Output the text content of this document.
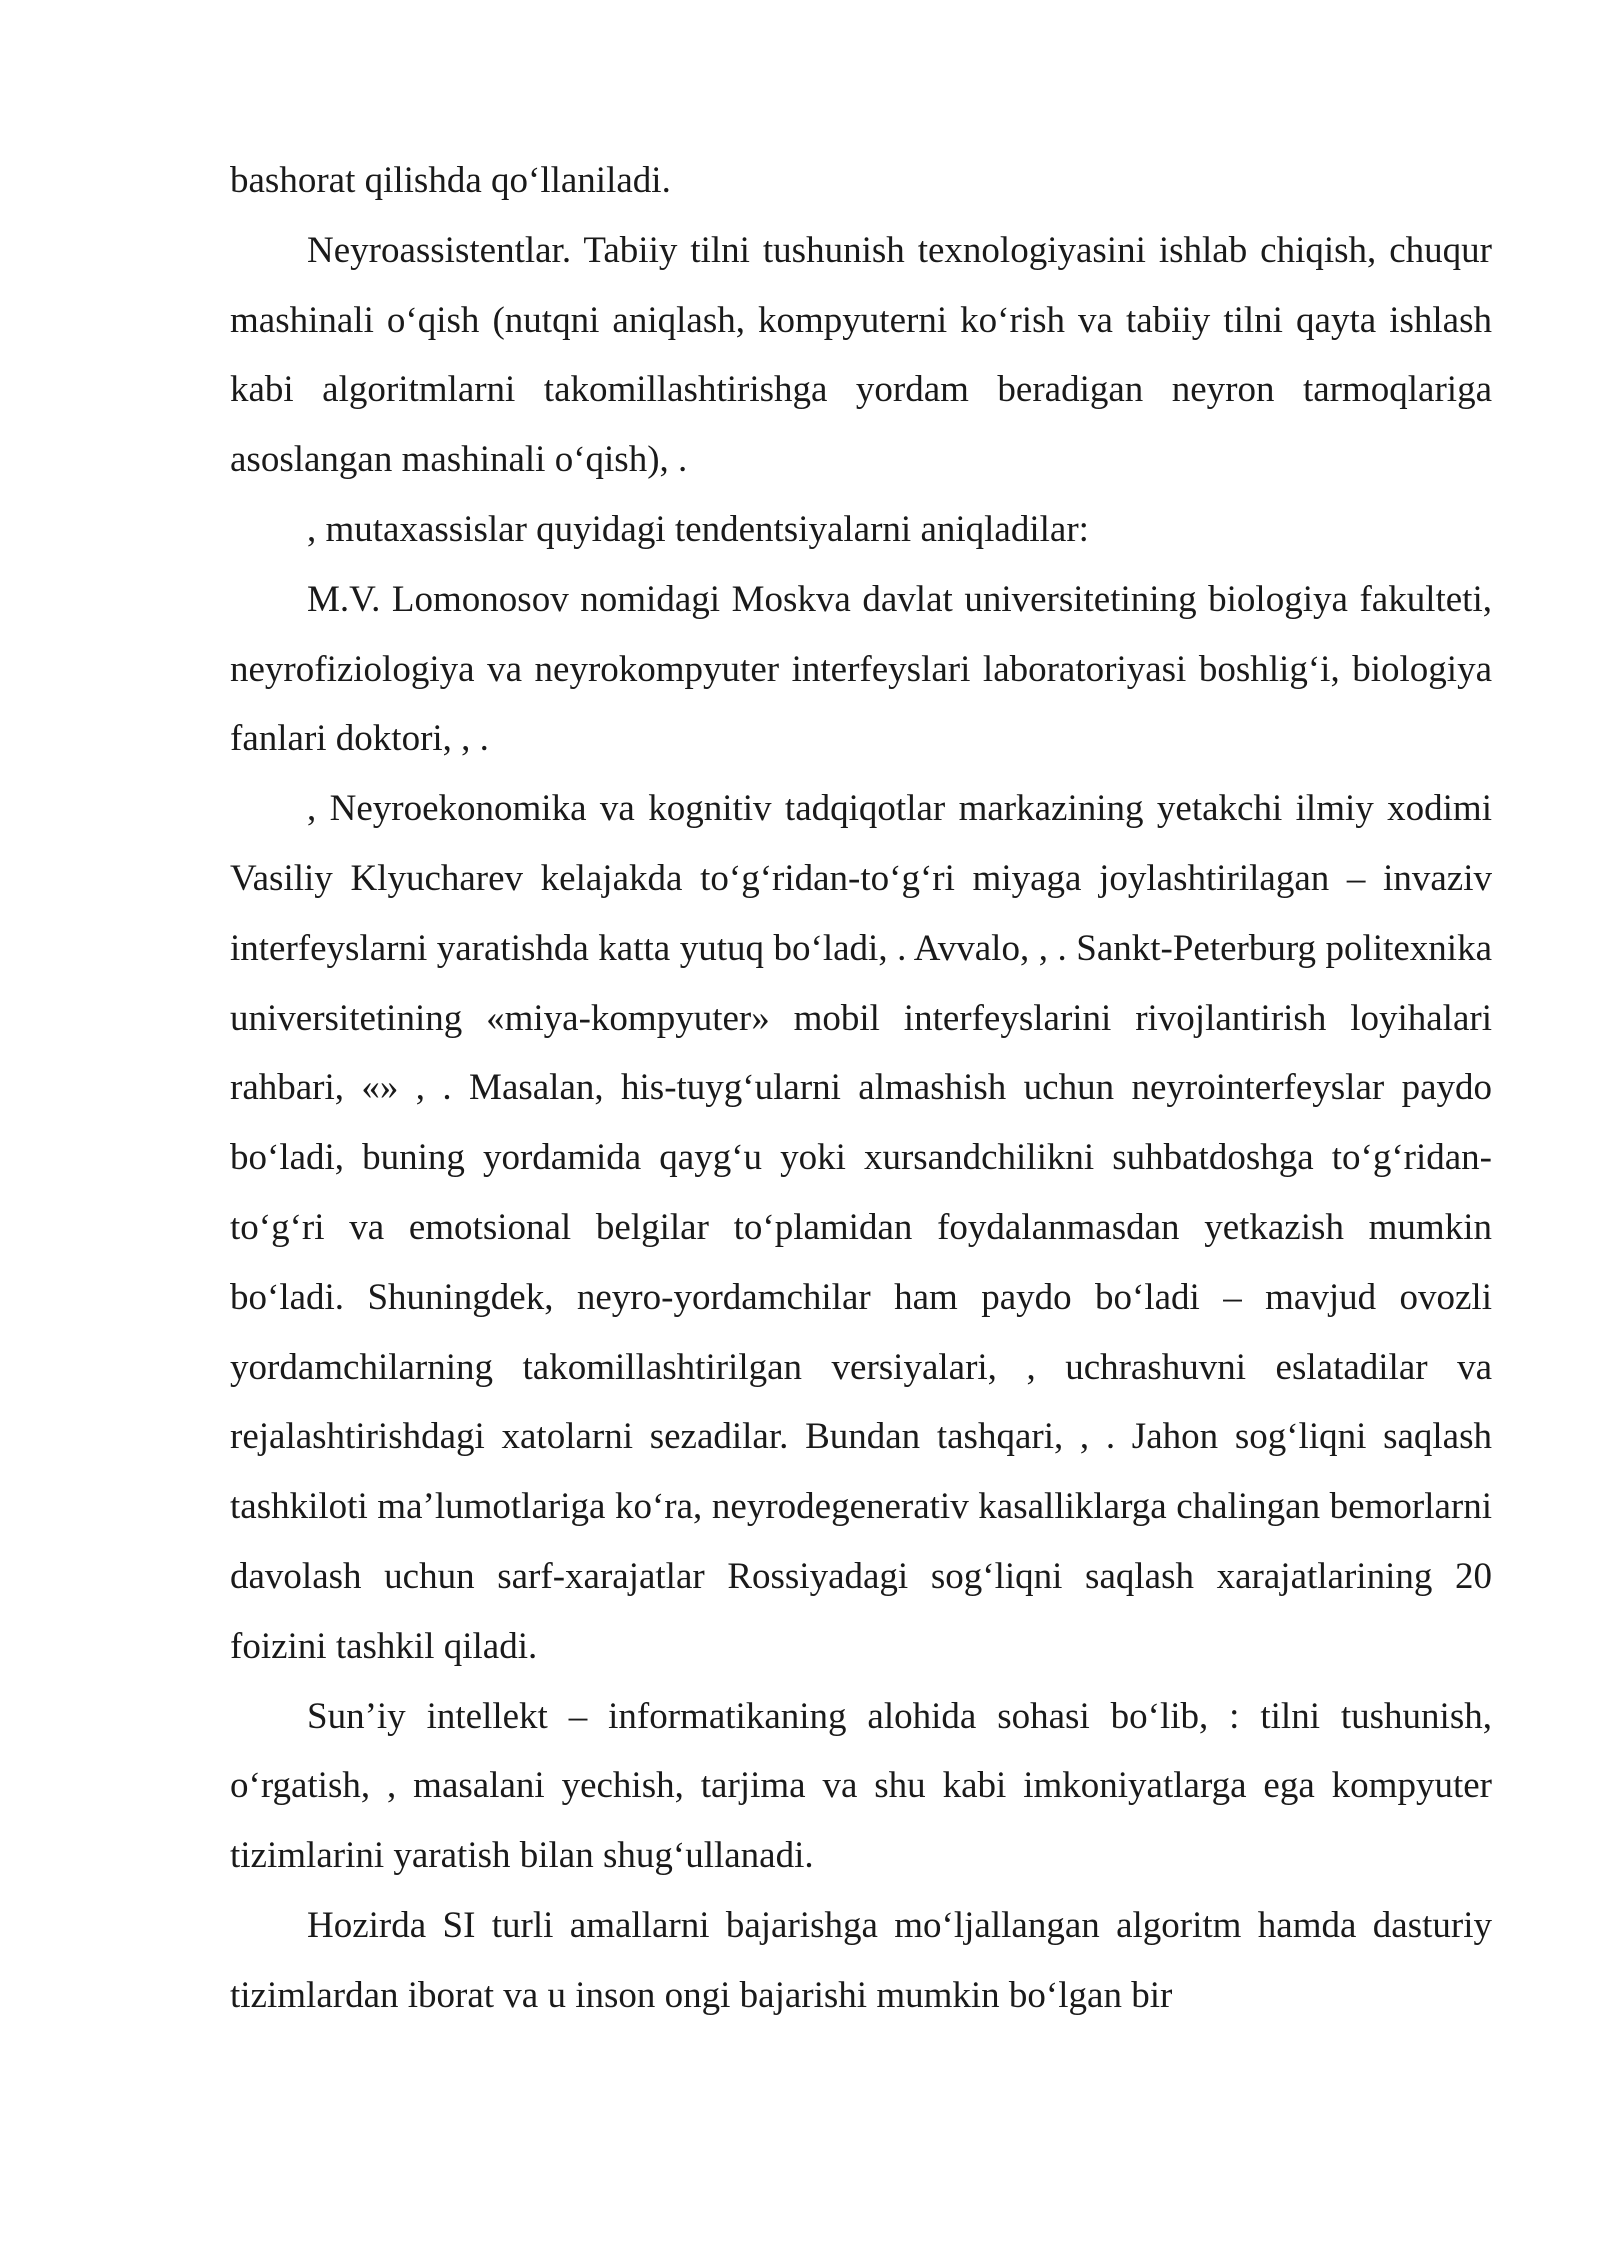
bashorat qilishda qo‘llaniladi.

Neyroassistentlar. Tabiiy tilni tushunish texnologiyasini ishlab chiqish, chuqur mashinali o‘qish (nutqni aniqlash, kompyuterni ko‘rish va tabiiy tilni qayta ishlash kabi algoritmlarni takomillashtirishga yordam beradigan neyron tarmoqlariga asoslangan mashinali o‘qish), .

, mutaxassislar quyidagi tendentsiyalarni aniqladilar:

M.V. Lomonosov nomidagi Moskva davlat universitetining biologiya fakulteti, neyrofiziologiya va neyrokompyuter interfeyslari laboratoriyasi boshlig‘i, biologiya fanlari doktori, , .

, Neyroekonomika va kognitiv tadqiqotlar markazining yetakchi ilmiy xodimi Vasiliy Klyucharev kelajakda to‘g‘ridan-to‘g‘ri miyaga joylashtirilagan – invaziv interfeyslarni yaratishda katta yutuq bo‘ladi, . Avvalo, , . Sankt-Peterburg politexnika universitetining «miya-kompyuter» mobil interfeyslarini rivojlantirish loyihalari rahbari, «» , . Masalan, his-tuyg‘ularni almashish uchun neyrointerfeyslar paydo bo‘ladi, buning yordamida qayg‘u yoki xursandchilikni suhbatdoshga to‘g‘ridan-to‘g‘ri va emotsional belgilar to‘plamidan foydalanmasdan yetkazish mumkin bo‘ladi. Shuningdek, neyro-yordamchilar ham paydo bo‘ladi – mavjud ovozli yordamchilarning takomillashtirilgan versiyalari, , uchrashuvni eslatadilar va rejalashtirishdagi xatolarni sezadilar. Bundan tashqari, , . Jahon sog‘liqni saqlash tashkiloti ma’lumotlariga ko‘ra, neyrodegenerativ kasalliklarga chalingan bemorlarni davolash uchun sarf-xarajatlar Rossiyadagi sog‘liqni saqlash xarajatlarining 20 foizini tashkil qiladi.

Sun’iy intellekt – informatikaning alohida sohasi bo‘lib, : tilni tushunish, o‘rgatish, , masalani yechish, tarjima va shu kabi imkoniyatlarga ega kompyuter tizimlarini yaratish bilan shug‘ullanadi.

Hozirda SI turli amallarni bajarishga mo‘ljallangan algoritm hamda dasturiy tizimlardan iborat va u inson ongi bajarishi mumkin bo‘lgan bir
